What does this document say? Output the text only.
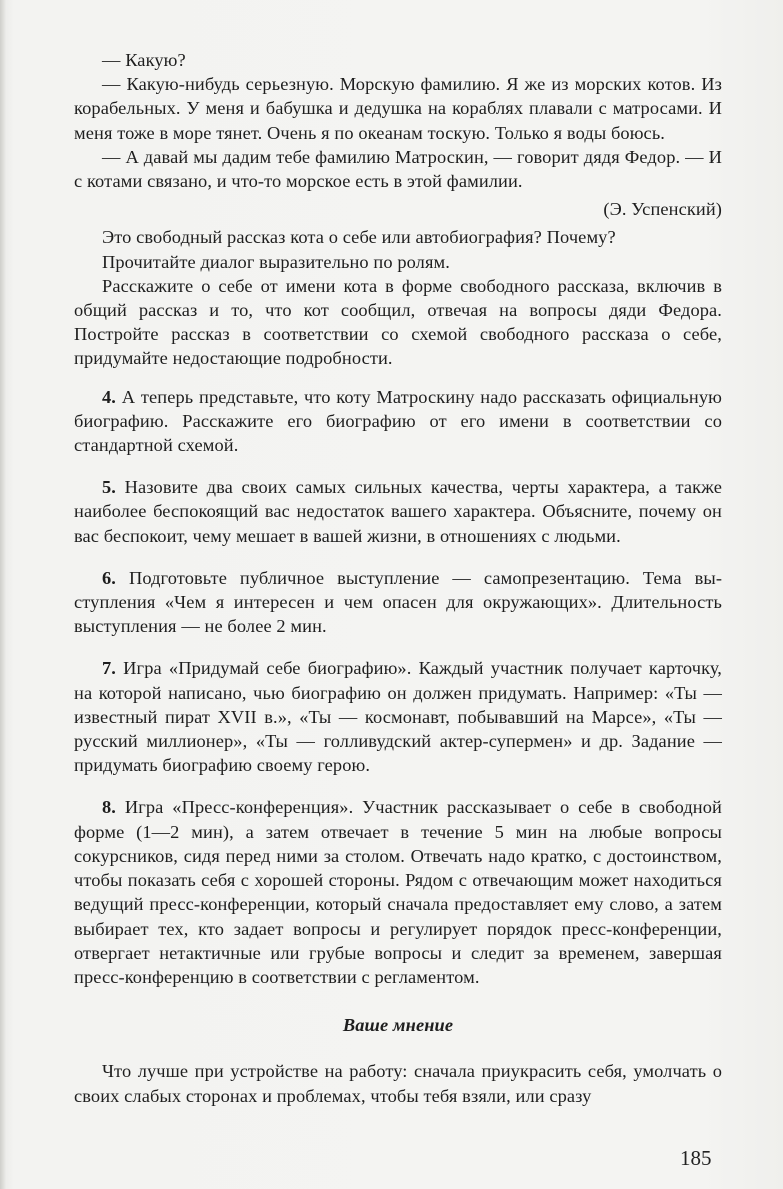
— Какую?

— Какую-нибудь серьезную. Морскую фамилию. Я же из морских котов. Из корабельных. У меня и бабушка и дедушка на кораблях плавали с матросами. И меня тоже в море тянет. Очень я по океанам тоскую. Только я воды боюсь.

— А давай мы дадим тебе фамилию Матроскин, — говорит дядя Федор. — И с котами связано, и что-то морское есть в этой фамилии.

(Э. Успенский)

Это свободный рассказ кота о себе или автобиография? Почему?

Прочитайте диалог выразительно по ролям.

Расскажите о себе от имени кота в форме свободного рассказа, включив в общий рассказ и то, что кот сообщил, отвечая на вопросы дяди Федора. Постройте рассказ в соответствии со схемой свободного рассказа о себе, придумайте недостающие подробности.

4. А теперь представьте, что коту Матроскину надо рассказать официальную биографию. Расскажите его биографию от его имени в соответствии со стандартной схемой.

5. Назовите два своих самых сильных качества, черты характера, а также наиболее беспокоящий вас недостаток вашего характера. Объясните, почему он вас беспокоит, чему мешает в вашей жизни, в отношениях с людьми.

6. Подготовьте публичное выступление — самопрезентацию. Тема выступления «Чем я интересен и чем опасен для окружающих». Длительность выступления — не более 2 мин.

7. Игра «Придумай себе биографию». Каждый участник получает карточку, на которой написано, чью биографию он должен придумать. Например: «Ты — известный пират XVII в.», «Ты — космонавт, побывавший на Марсе», «Ты — русский миллионер», «Ты — голливудский актер-супермен» и др. Задание — придумать биографию своему герою.

8. Игра «Пресс-конференция». Участник рассказывает о себе в свободной форме (1—2 мин), а затем отвечает в течение 5 мин на любые вопросы сокурсников, сидя перед ними за столом. Отвечать надо кратко, с достоинством, чтобы показать себя с хорошей стороны. Рядом с отвечающим может находиться ведущий пресс-конференции, который сначала предоставляет ему слово, а затем выбирает тех, кто задает вопросы и регулирует порядок пресс-конференции, отвергает нетактичные или грубые вопросы и следит за временем, завершая пресс-конференцию в соответствии с регламентом.

Ваше мнение

Что лучше при устройстве на работу: сначала приукрасить себя, умолчать о своих слабых сторонах и проблемах, чтобы тебя взяли, или сразу

185
